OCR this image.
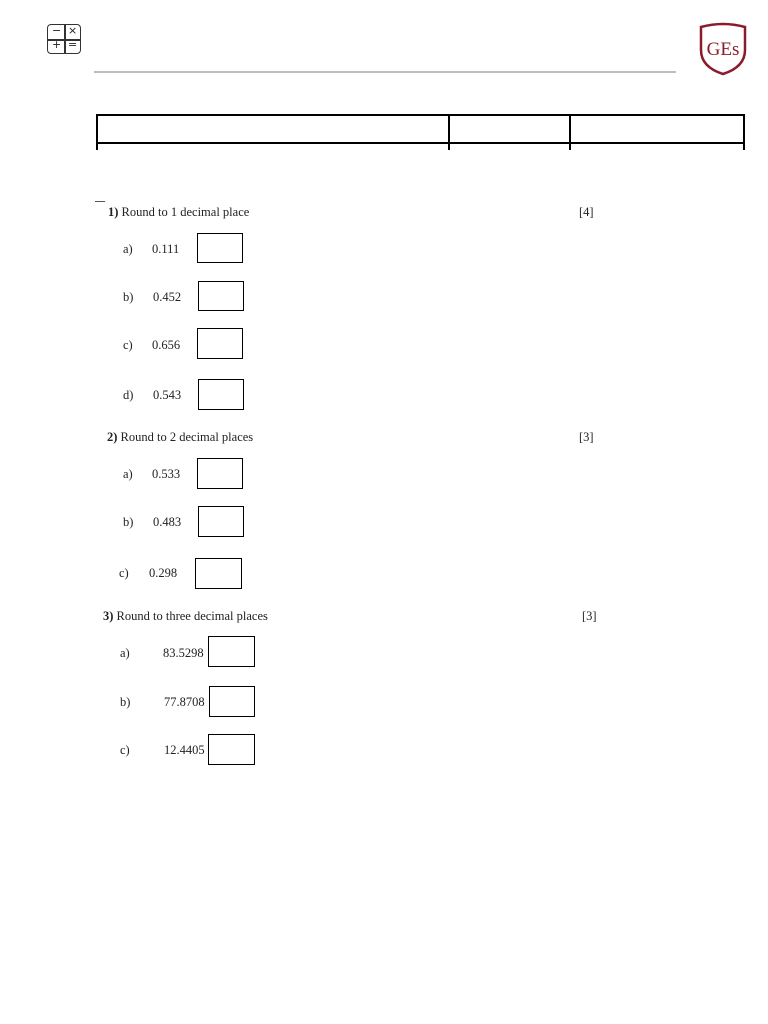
− ×
+ =	GEs
1) Round to 1 decimal place	[4]
a) 0.111
b) 0.452
c) 0.656
d) 0.543
2) Round to 2 decimal places	[3]
a) 0.533
b) 0.483
c) 0.298
3) Round to three decimal places	[3]
a)	83.5298
b)	77.8708
c)	12.4405
